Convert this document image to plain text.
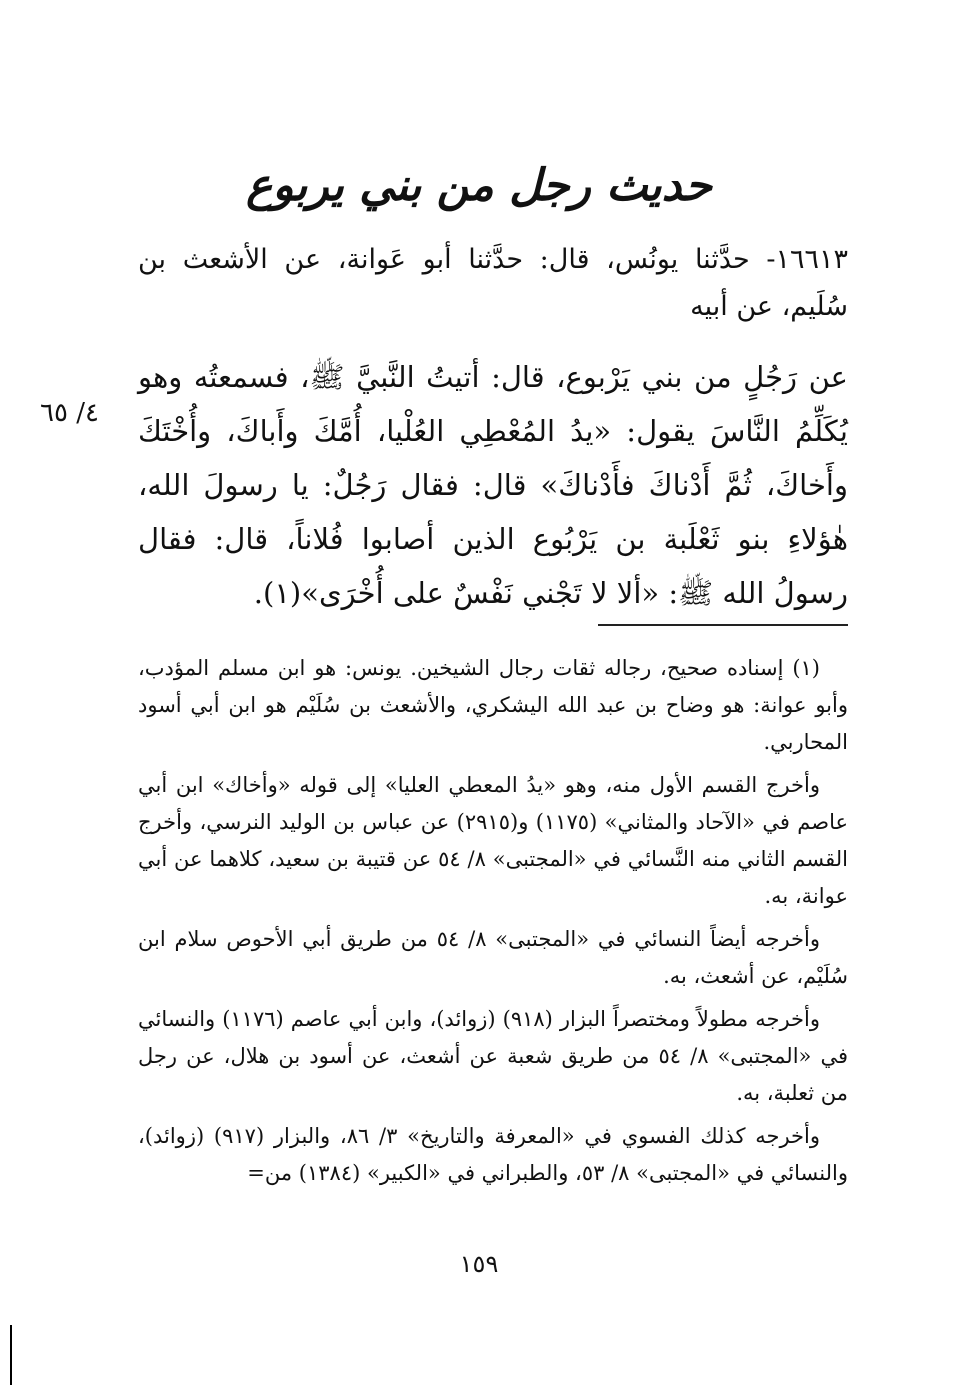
حديث رجل من بني يربوع
١٦٦١٣- حدَّثنا يونُس، قال: حدَّثنا أبو عَوانة، عن الأشعث بن سُلَيم، عن أبيه
عن رَجُلٍ من بني يَرْبوع، قال: أتيتُ النَّبيَّ ﷺ، فسمعتُه وهو يُكَلِّمُ النَّاسَ يقول: «يدُ المُعْطِي العُلْيا، أُمَّكَ وأَباكَ، وأُخْتَكَ وأَخاكَ، ثُمَّ أَدْناكَ فأَدْناكَ» قال: فقال رَجُلٌ: يا رسولَ الله، هٰؤلاءِ بنو ثَعْلَبة بن يَرْبُوع الذين أصابوا فُلاناً، قال: فقال رسولُ الله ﷺ: «ألا لا تَجْني نَفْسٌ على أُخْرَى»(١).
٤/ ٦٥

(١) إسناده صحيح، رجاله ثقات رجال الشيخين. يونس: هو ابن مسلم المؤدب، وأبو عوانة: هو وضاح بن عبد الله اليشكري، والأشعث بن سُلَيْم هو ابن أبي أسود المحاربي.

وأخرج القسم الأول منه، وهو «يدُ المعطي العليا» إلى قوله «وأخاك» ابن أبي عاصم في «الآحاد والمثاني» (١١٧٥) و(٢٩١٥) عن عباس بن الوليد النرسي، وأخرج القسم الثاني منه النَّسائي في «المجتبى» ٨/ ٥٤ عن قتيبة بن سعيد، كلاهما عن أبي عوانة، به.

وأخرجه أيضاً النسائي في «المجتبى» ٨/ ٥٤ من طريق أبي الأحوص سلام ابن سُلَيْم، عن أشعث، به.

وأخرجه مطولاً ومختصراً البزار (٩١٨) (زوائد)، وابن أبي عاصم (١١٧٦) والنسائي في «المجتبى» ٨/ ٥٤ من طريق شعبة عن أشعث، عن أسود بن هلال، عن رجل من ثعلبة، به.

وأخرجه كذلك الفسوي في «المعرفة والتاريخ» ٣/ ٨٦، والبزار (٩١٧) (زوائد)، والنسائي في «المجتبى» ٨/ ٥٣، والطبراني في «الكبير» (١٣٨٤) من=

١٥٩
